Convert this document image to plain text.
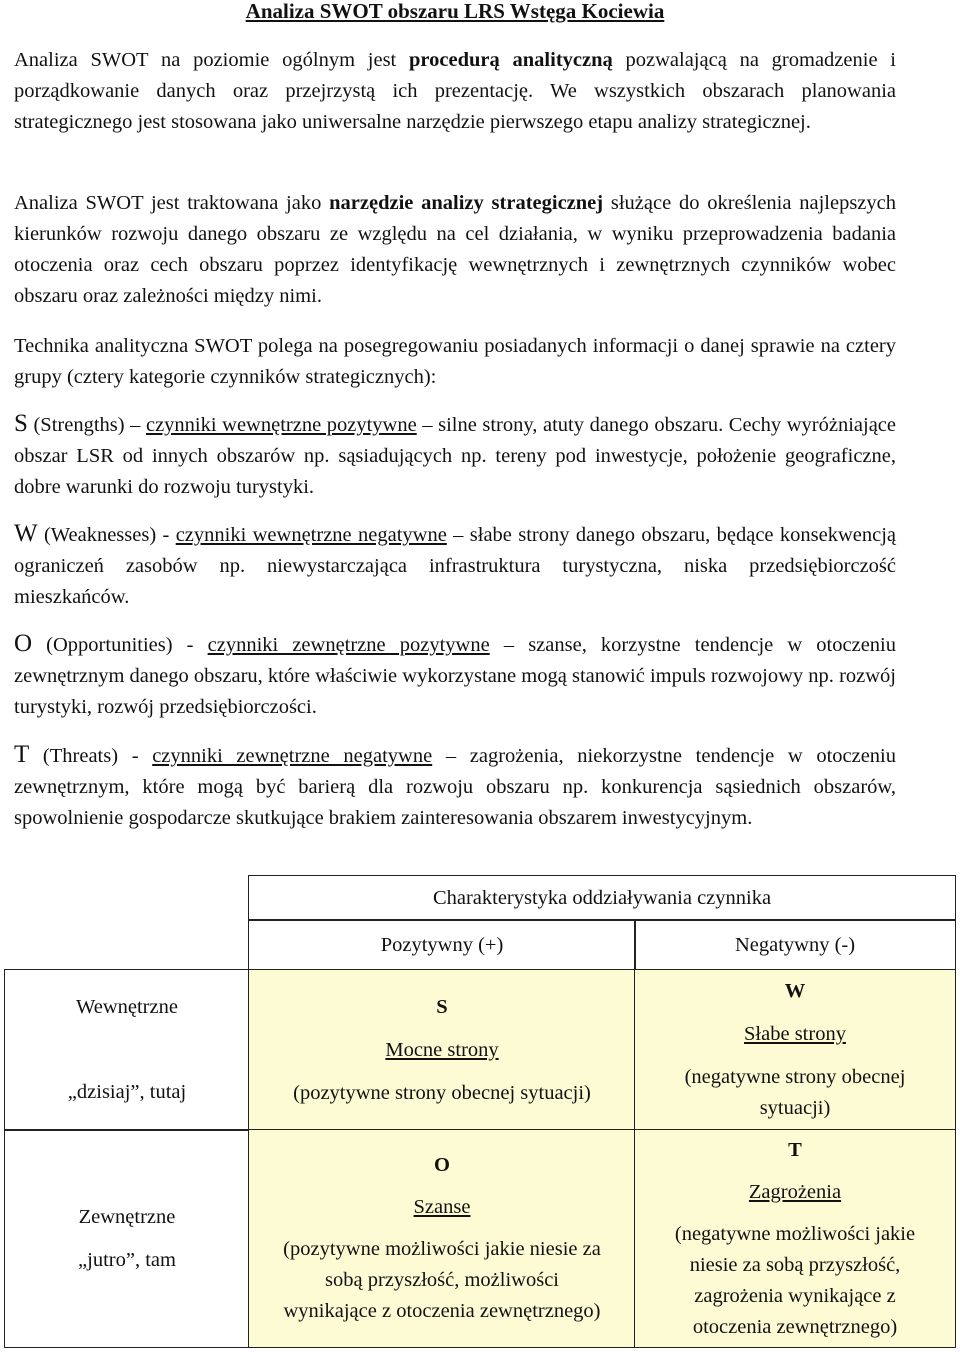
Analiza SWOT obszaru LRS Wstęga Kociewia

Analiza SWOT na poziomie ogólnym jest procedurą analityczną pozwalającą na gromadzenie i porządkowanie danych oraz przejrzystą ich prezentację. We wszystkich obszarach planowania strategicznego jest stosowana jako uniwersalne narzędzie pierwszego etapu analizy strategicznej.

Analiza SWOT jest traktowana jako narzędzie analizy strategicznej służące do określenia najlepszych kierunków rozwoju danego obszaru ze względu na cel działania, w wyniku przeprowadzenia badania otoczenia oraz cech obszaru poprzez identyfikację wewnętrznych i zewnętrznych czynników wobec obszaru oraz zależności między nimi.

Technika analityczna SWOT polega na posegregowaniu posiadanych informacji o danej sprawie na cztery grupy (cztery kategorie czynników strategicznych):

S (Strengths) – czynniki wewnętrzne pozytywne – silne strony, atuty danego obszaru. Cechy wyróżniające obszar LSR od innych obszarów np. sąsiadujących np. tereny pod inwestycje, położenie geograficzne, dobre warunki do rozwoju turystyki.

W (Weaknesses) - czynniki wewnętrzne negatywne – słabe strony danego obszaru, będące konsekwencją ograniczeń zasobów np. niewystarczająca infrastruktura turystyczna, niska przedsiębiorczość mieszkańców.

O (Opportunities) - czynniki zewnętrzne pozytywne – szanse, korzystne tendencje w otoczeniu zewnętrznym danego obszaru, które właściwie wykorzystane mogą stanowić impuls rozwojowy np. rozwój turystyki, rozwój przedsiębiorczości.

T (Threats) - czynniki zewnętrzne negatywne – zagrożenia, niekorzystne tendencje w otoczeniu zewnętrznym, które mogą być barierą dla rozwoju obszaru np. konkurencja sąsiednich obszarów, spowolnienie gospodarcze skutkujące brakiem zainteresowania obszarem inwestycyjnym.

Charakterystyka oddziaływania czynnika
Pozytywny (+)	Negatywny (-)
Wewnętrzne
„dzisiaj”, tutaj
S
Mocne strony
(pozytywne strony obecnej sytuacji)
W
Słabe strony
(negatywne strony obecnej
sytuacji)
Zewnętrzne
„jutro”, tam
O
Szanse
(pozytywne możliwości jakie niesie za
sobą przyszłość, możliwości
wynikające z otoczenia zewnętrznego)
T
Zagrożenia
(negatywne możliwości jakie
niesie za sobą przyszłość,
zagrożenia wynikające z
otoczenia zewnętrznego)
